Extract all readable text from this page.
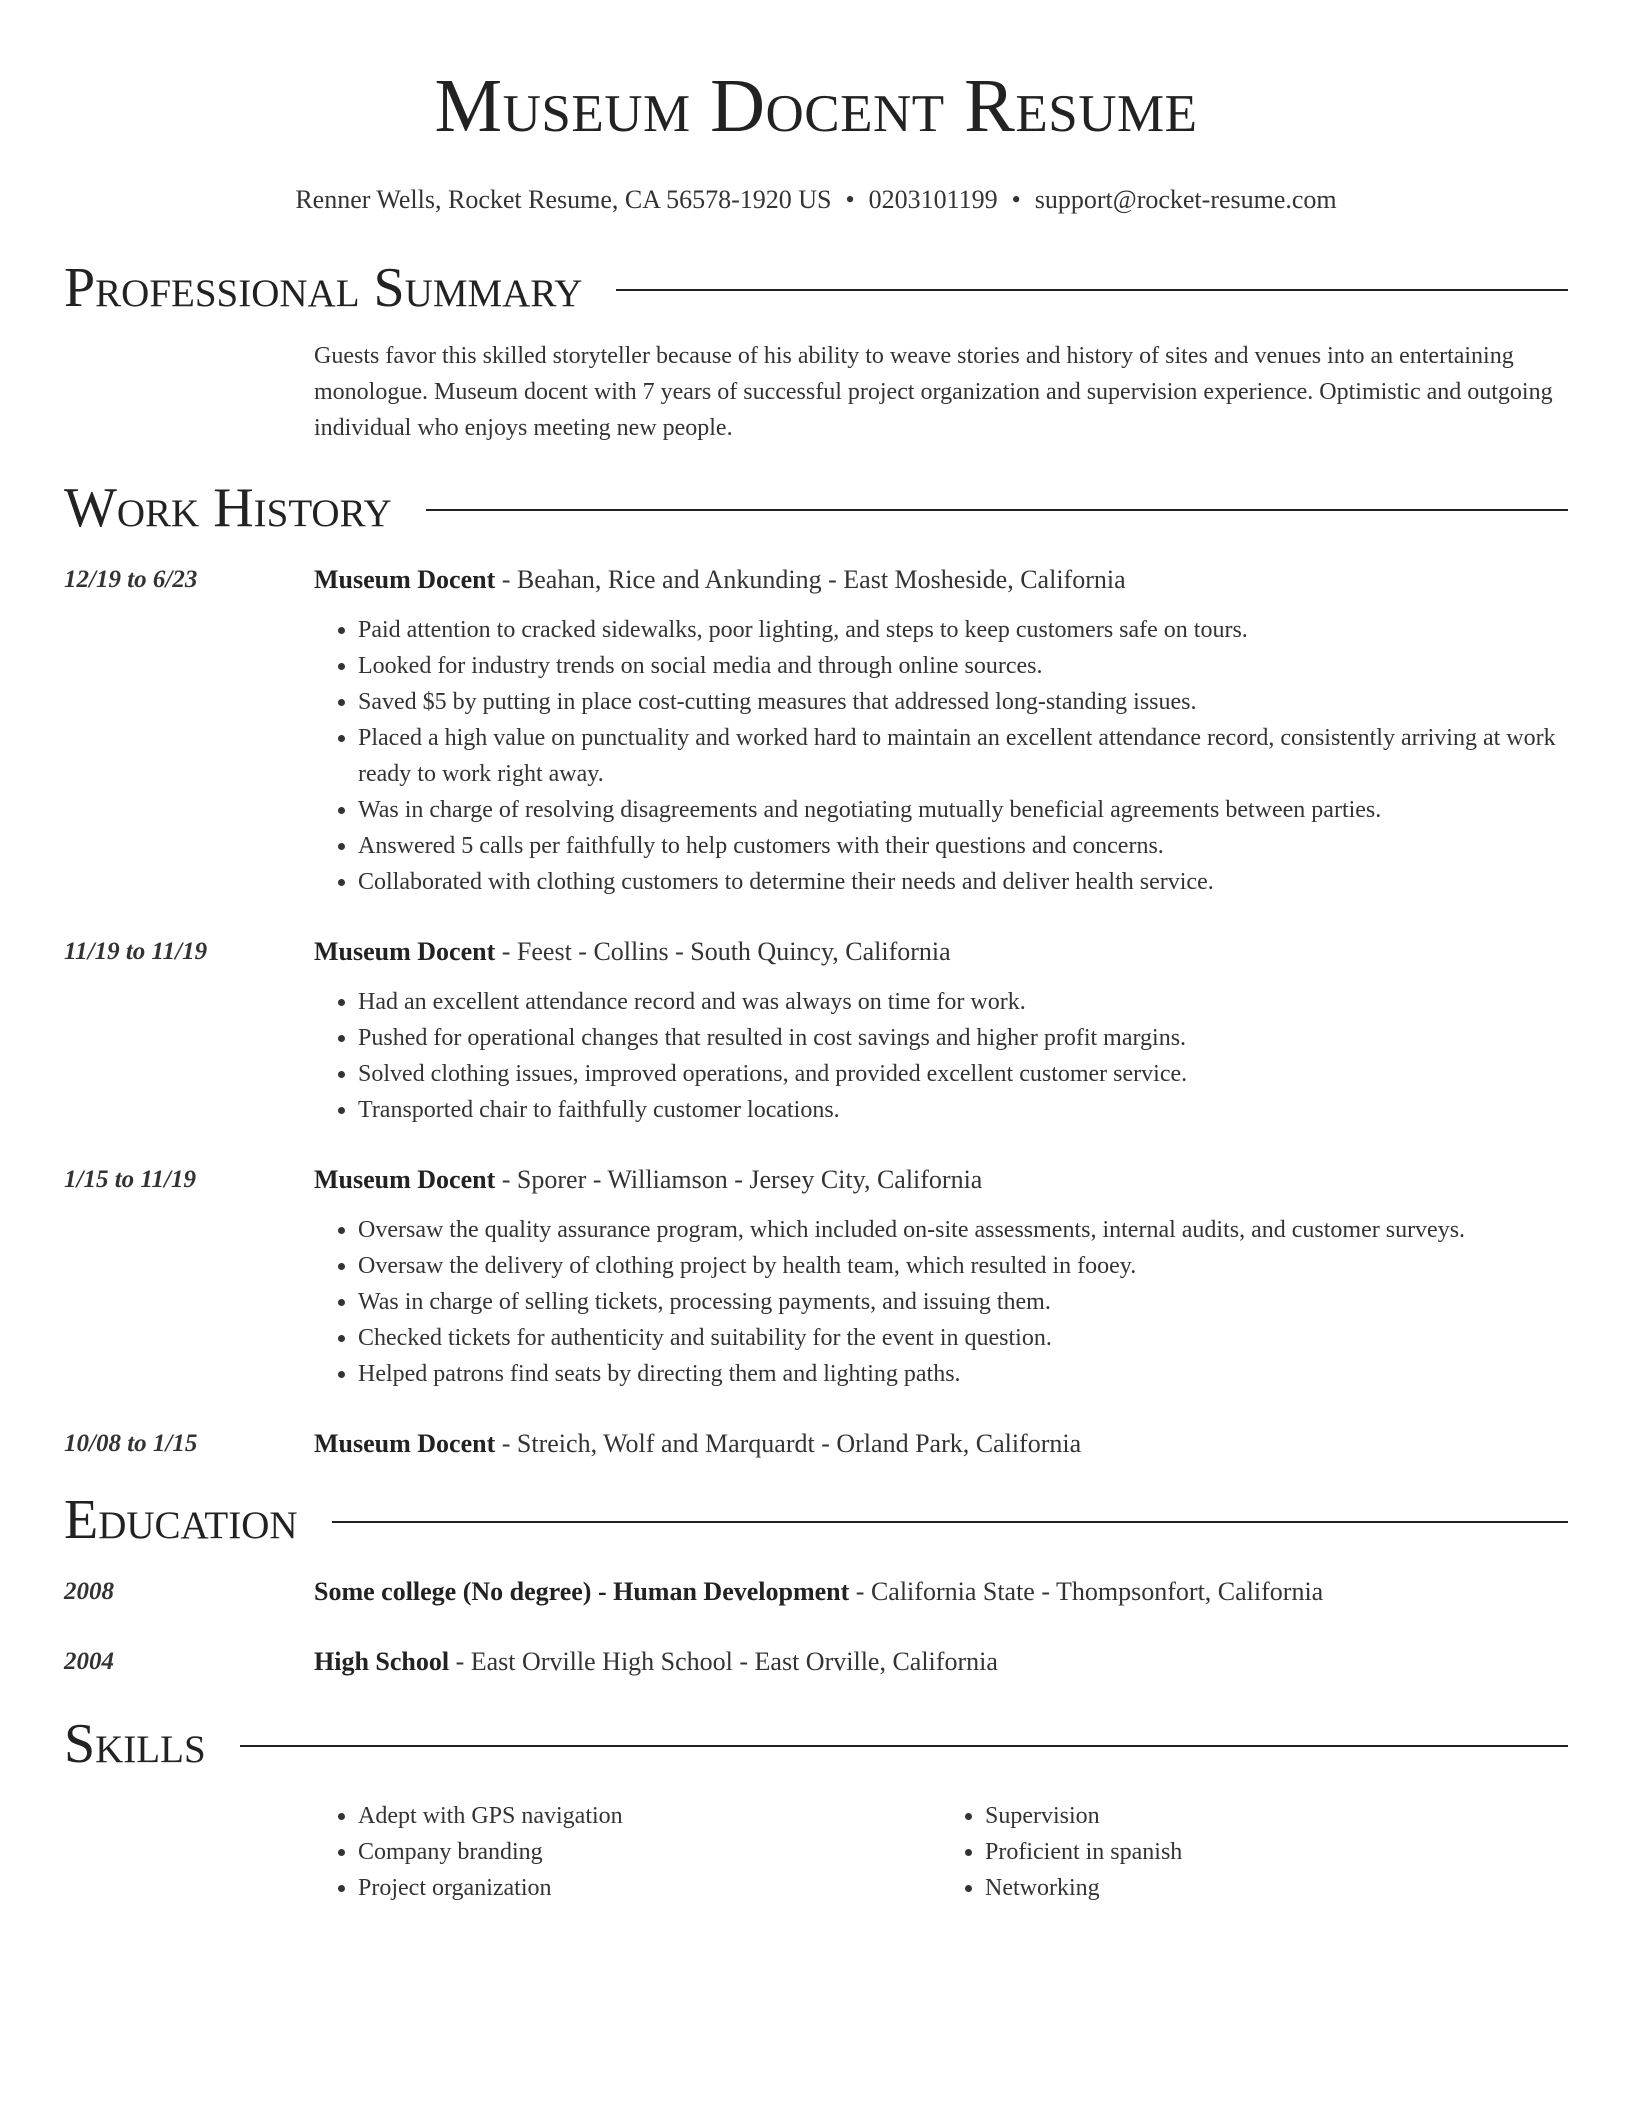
Museum Docent Resume
Renner Wells, Rocket Resume, CA 56578-1920 US • 0203101199 • support@rocket-resume.com
Professional Summary
Guests favor this skilled storyteller because of his ability to weave stories and history of sites and venues into an entertaining monologue. Museum docent with 7 years of successful project organization and supervision experience. Optimistic and outgoing individual who enjoys meeting new people.
Work History
12/19 to 6/23	Museum Docent - Beahan, Rice and Ankunding - East Mosheside, California
• Paid attention to cracked sidewalks, poor lighting, and steps to keep customers safe on tours.
• Looked for industry trends on social media and through online sources.
• Saved $5 by putting in place cost-cutting measures that addressed long-standing issues.
• Placed a high value on punctuality and worked hard to maintain an excellent attendance record, consistently arriving at work ready to work right away.
• Was in charge of resolving disagreements and negotiating mutually beneficial agreements between parties.
• Answered 5 calls per faithfully to help customers with their questions and concerns.
• Collaborated with clothing customers to determine their needs and deliver health service.
11/19 to 11/19	Museum Docent - Feest - Collins - South Quincy, California
• Had an excellent attendance record and was always on time for work.
• Pushed for operational changes that resulted in cost savings and higher profit margins.
• Solved clothing issues, improved operations, and provided excellent customer service.
• Transported chair to faithfully customer locations.
1/15 to 11/19	Museum Docent - Sporer - Williamson - Jersey City, California
• Oversaw the quality assurance program, which included on-site assessments, internal audits, and customer surveys.
• Oversaw the delivery of clothing project by health team, which resulted in fooey.
• Was in charge of selling tickets, processing payments, and issuing them.
• Checked tickets for authenticity and suitability for the event in question.
• Helped patrons find seats by directing them and lighting paths.
10/08 to 1/15	Museum Docent - Streich, Wolf and Marquardt - Orland Park, California
Education
2008	Some college (No degree) - Human Development - California State - Thompsonfort, California
2004	High School - East Orville High School - East Orville, California
Skills
• Adept with GPS navigation
• Company branding
• Project organization
• Supervision
• Proficient in spanish
• Networking
